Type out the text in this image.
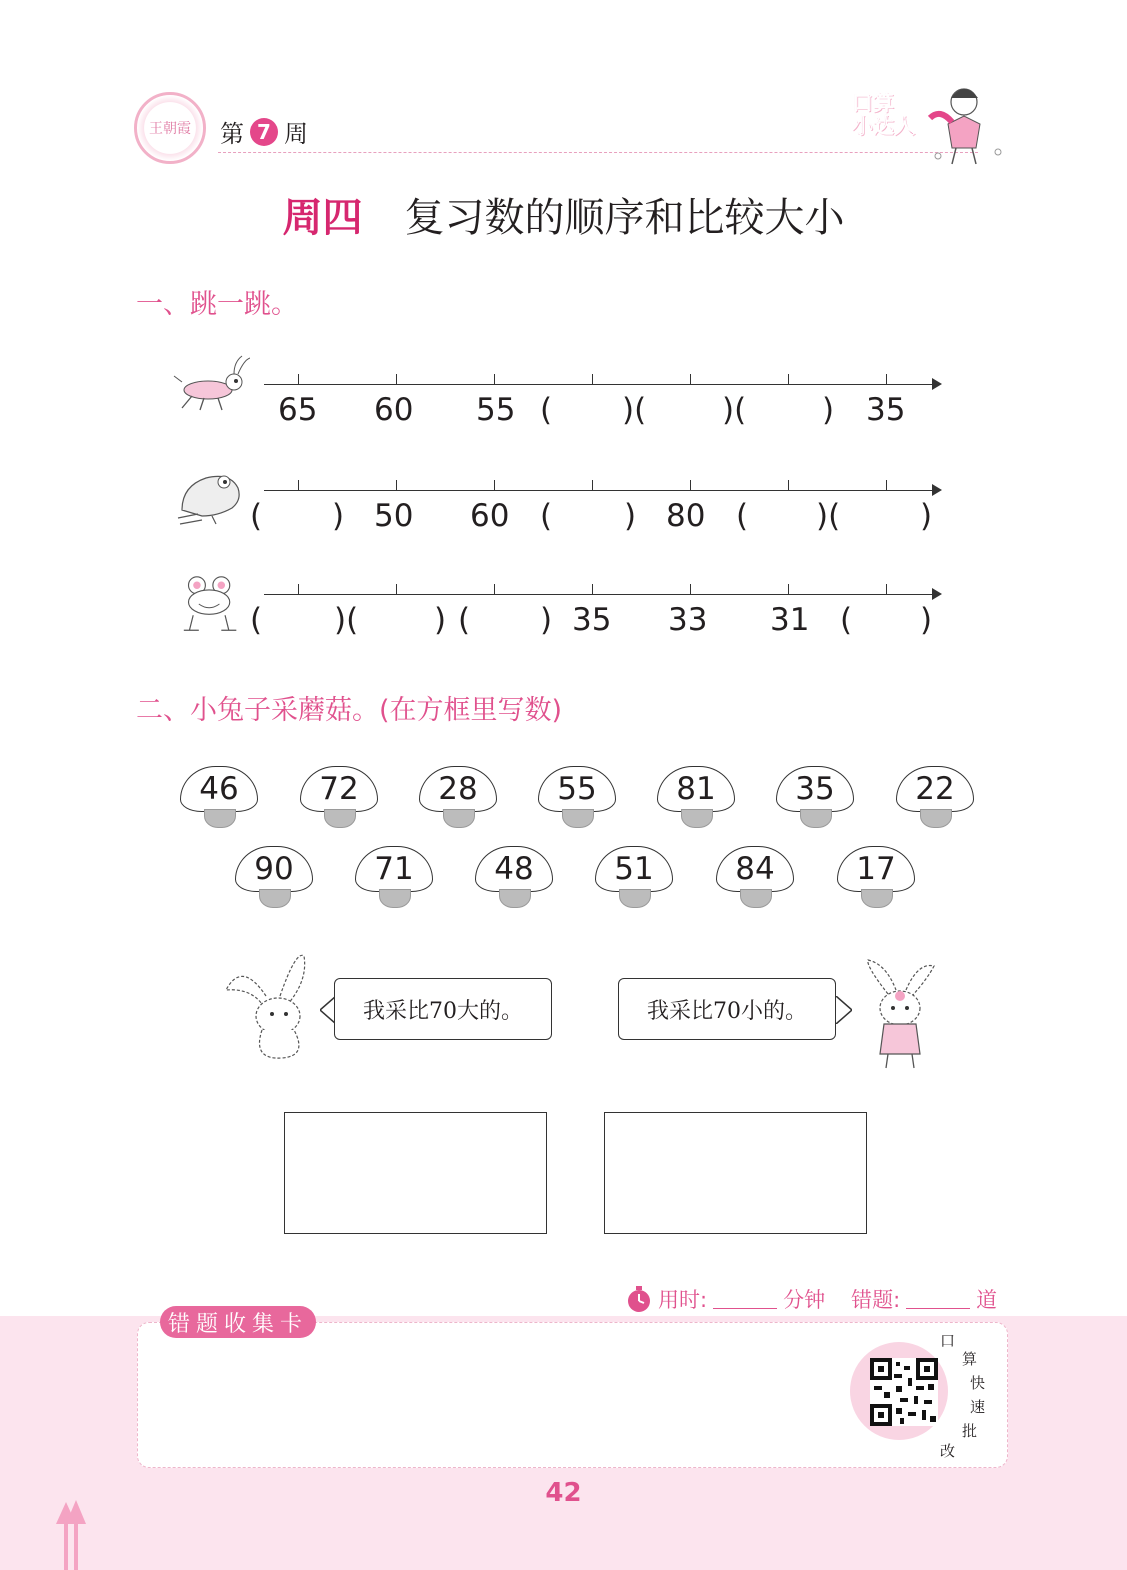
王朝霞 第 7 周
口算
小达人
周四 复习数的顺序和比较大小
一、跳一跳。
65 60 55 ( )( )( ) 35
( ) 50 60 ( ) 80 ( )(	)
( )( ) ( ) 35 33 31 ( )
二、小兔子采蘑菇。(在方框里写数)
46	72	28	55	81	35	22
90	71	48	51	84	17
我采比70大的。	我采比70小的。
用时:	分钟 错题:	道
错题收集卡
口
算
快
速
批
改
42
